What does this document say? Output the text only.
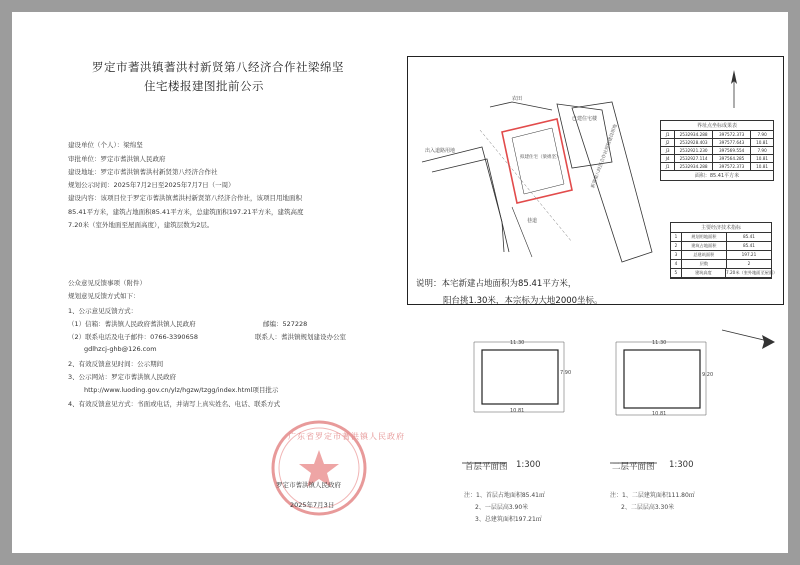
罗定市蓍洪镇蓍洪村新贤第八经济合作社梁绵坚
住宅楼报建图批前公示
建设单位（个人）：梁绵坚
审批单位：罗定市蓍洪镇人民政府
建设地址：罗定市蓍洪镇蓍洪村新贤第八经济合作社
规划公示时间：2025年7月2日至2025年7月7日（一周）
建设内容：该项目位于罗定市蓍洪镇蓍洪村新贤第八经济合作社，该项目用地面积
85.41平方米，建筑占地面积85.41平方米，总建筑面积197.21平方米，建筑高度
7.20米（室外地面至屋面高度），建筑层数为2层。
公众意见反馈事项（附件）
规划意见反馈方式如下：
1、公示意见反馈方式：
（1）信箱：蓍洪镇人民政府蓍洪镇人民政府	邮编：527228
（2）联系电话及电子邮件：0766-3390658	联系人：蓍洪镇规划建设办公室
gdlhzcj-ghb@126.com
2、有效反馈意见时间：公示期间
3、公示网站：罗定市蓍洪镇人民政府
http://www.luoding.gov.cn/ylz/hgzw/tzgg/index.html项目批示
4、有效反馈意见方式：书面或电话，并请写上真实姓名、电话、联系方式
广东省罗定市蓍洪镇人民政府
罗定市蓍洪镇人民政府
2025年7月3日
出入道路用地
农田
已建住宅楼
拟建住宅（梁绵坚）	新贤第八经济合作社规划建设用地
巷道
界址点坐标成果表
J1	2532934.288	397572.373	7.90
J2	2532928.403	397577.643	10.81
J3	2532921.230	397569.554	7.90
J4	2532927.114	397564.285	10.81
J1	2532934.288	397572.373	10.81
面积：85.41平方米
主要经济技术指标
1	规划用地面积	85.41
2	建筑占地面积	85.41
3	总建筑面积	197.21
4	层数	2
5	建筑高度	7.20米（室外地面至屋面）
说明：本宅新建占地面积为85.41平方米，
阳台挑1.30米，本宗标为大地2000坐标。
11.30
10.81
7.90
首层平面图 1:300
注：1、首层占地面积85.41㎡
2、一层层高3.90米
3、总建筑面积197.21㎡
11.30
10.81
9.20
二层平面图 1:300
注：1、二层建筑面积111.80㎡
2、二层层高3.30米
